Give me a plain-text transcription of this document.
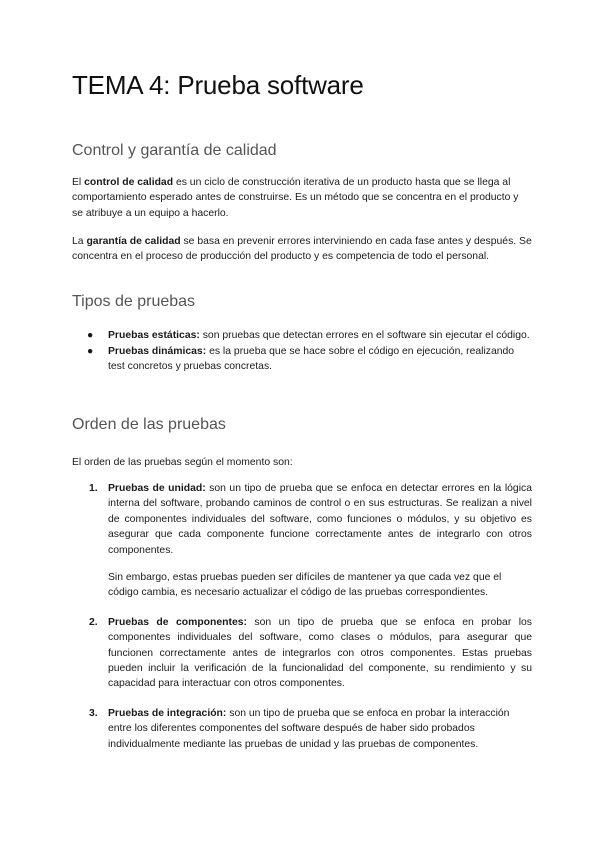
TEMA 4: Prueba software
Control y garantía de calidad

El control de calidad es un ciclo de construcción iterativa de un producto hasta que se llega al comportamiento esperado antes de construirse. Es un método que se concentra en el producto y se atribuye a un equipo a hacerlo.

La garantía de calidad se basa en prevenir errores interviniendo en cada fase antes y después. Se concentra en el proceso de producción del producto y es competencia de todo el personal.

Tipos de pruebas
● Pruebas estáticas: son pruebas que detectan errores en el software sin ejecutar el código.
● Pruebas dinámicas: es la prueba que se hace sobre el código en ejecución, realizando test concretos y pruebas concretas.
Orden de las pruebas

El orden de las pruebas según el momento son:

1. Pruebas de unidad: son un tipo de prueba que se enfoca en detectar errores en la lógica interna del software, probando caminos de control o en sus estructuras. Se realizan a nivel de componentes individuales del software, como funciones o módulos, y su objetivo es asegurar que cada componente funcione correctamente antes de integrarlo con otros componentes.

Sin embargo, estas pruebas pueden ser difíciles de mantener ya que cada vez que el código cambia, es necesario actualizar el código de las pruebas correspondientes.

2. Pruebas de componentes: son un tipo de prueba que se enfoca en probar los componentes individuales del software, como clases o módulos, para asegurar que funcionen correctamente antes de integrarlos con otros componentes. Estas pruebas pueden incluir la verificación de la funcionalidad del componente, su rendimiento y su capacidad para interactuar con otros componentes.

3. Pruebas de integración: son un tipo de prueba que se enfoca en probar la interacción entre los diferentes componentes del software después de haber sido probados individualmente mediante las pruebas de unidad y las pruebas de componentes.
